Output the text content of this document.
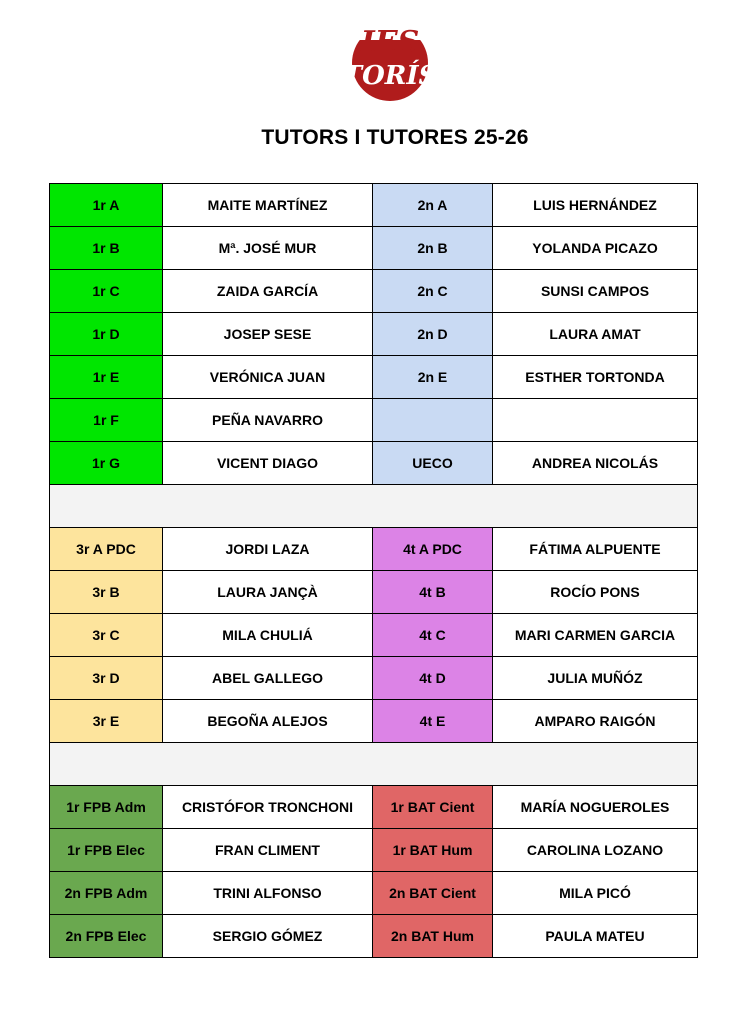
IES
TORÍS
TUTORS I TUTORES 25-26
1r A	MAITE MARTÍNEZ	2n A	LUIS HERNÁNDEZ
1r B	Mª. JOSÉ MUR	2n B	YOLANDA PICAZO
1r C	ZAIDA GARCÍA	2n C	SUNSI CAMPOS
1r D	JOSEP SESE	2n D	LAURA AMAT
1r E	VERÓNICA JUAN	2n E	ESTHER TORTONDA
1r F	PEÑA NAVARRO		
1r G	VICENT DIAGO	UECO	ANDREA NICOLÁS

3r A PDC	JORDI LAZA	4t A PDC	FÁTIMA ALPUENTE
3r B	LAURA JANÇÀ	4t B	ROCÍO PONS
3r C	MILA CHULIÁ	4t C	MARI CARMEN GARCIA
3r D	ABEL GALLEGO	4t D	JULIA MUÑÓZ
3r E	BEGOÑA ALEJOS	4t E	AMPARO RAIGÓN

1r FPB Adm	CRISTÓFOR TRONCHONI	1r BAT Cient	MARÍA NOGUEROLES
1r FPB Elec	FRAN CLIMENT	1r BAT Hum	CAROLINA LOZANO
2n FPB Adm	TRINI ALFONSO	2n BAT Cient	MILA PICÓ
2n FPB Elec	SERGIO GÓMEZ	2n BAT Hum	PAULA MATEU
